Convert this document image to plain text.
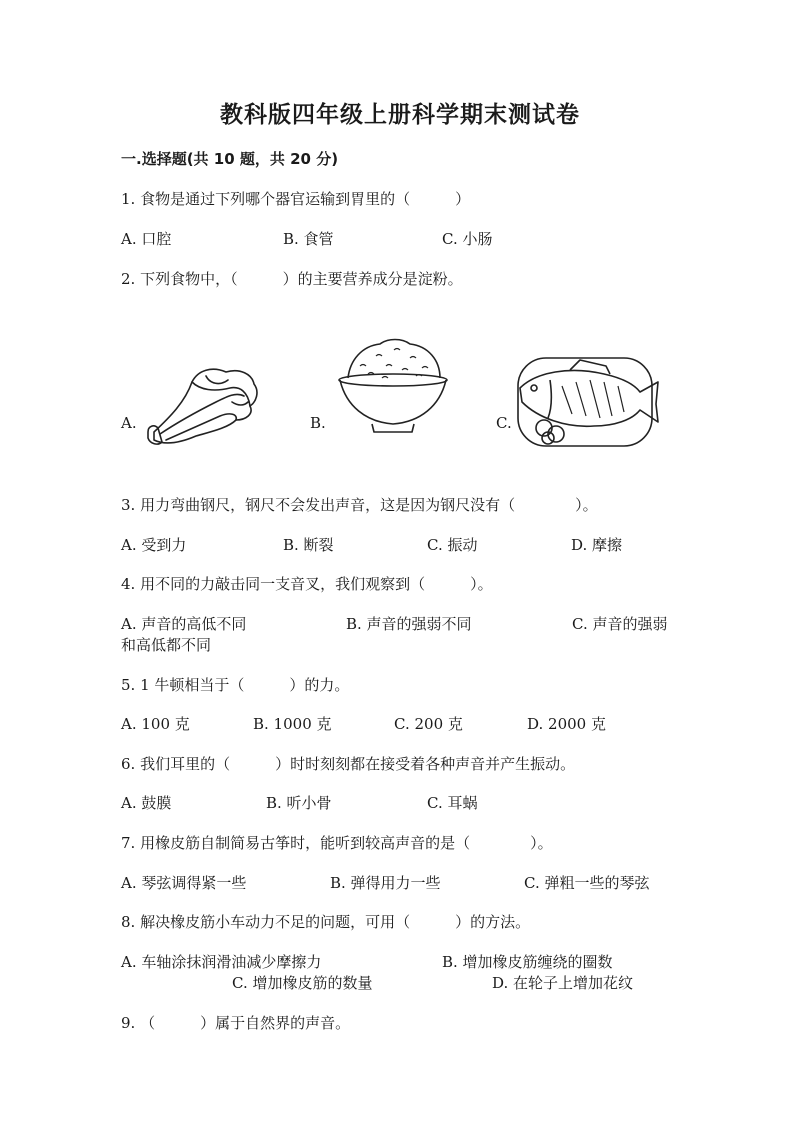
教科版四年级上册科学期末测试卷
一.选择题(共 10 题，共 20 分)
1. 食物是通过下列哪个器官运输到胃里的（　　　）
A. 口腔	B. 食管	C. 小肠
2. 下列食物中，（　　　）的主要营养成分是淀粉。
A.	B.	C.
3. 用力弯曲钢尺，钢尺不会发出声音，这是因为钢尺没有（　　　　）。
A. 受到力	B. 断裂	C. 振动	D. 摩擦
4. 用不同的力敲击同一支音叉，我们观察到（　　　）。
A. 声音的高低不同	B. 声音的强弱不同	C. 声音的强弱
和高低都不同
5. 1 牛顿相当于（　　　）的力。
A. 100 克	B. 1000 克	C. 200 克	D. 2000 克
6. 我们耳里的（　　　）时时刻刻都在接受着各种声音并产生振动。
A. 鼓膜	B. 听小骨	C. 耳蜗
7. 用橡皮筋自制简易古筝时，能听到较高声音的是（　　　　）。
A. 琴弦调得紧一些	B. 弹得用力一些	C. 弹粗一些的琴弦
8. 解决橡皮筋小车动力不足的问题，可用（　　　）的方法。
A. 车轴涂抹润滑油减少摩擦力	B. 增加橡皮筋缠绕的圈数
C. 增加橡皮筋的数量	D. 在轮子上增加花纹
9. （　　　）属于自然界的声音。
